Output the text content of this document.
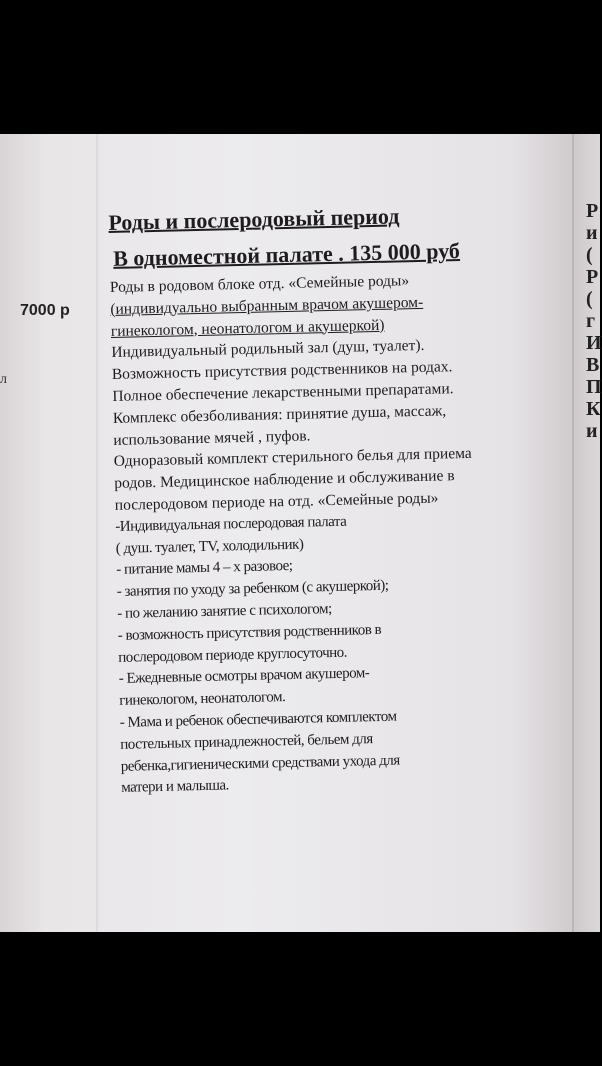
7000 р
л
Роды и послеродовый период
В одноместной палате . 135 000 руб
Роды в родовом блоке отд. «Семейные роды»
(индивидуально выбранным врачом акушером-
гинекологом, неонатологом и акушеркой)
Индивидуальный родильный зал (душ, туалет).
Возможность присутствия родственников на родах.
Полное обеспечение лекарственными препаратами.
Комплекс обезболивания: принятие душа, массаж,
использование мячей , пуфов.
Одноразовый комплект стерильного белья для приема
родов. Медицинское наблюдение и обслуживание в
послеродовом периоде на отд. «Семейные роды»
-Индивидуальная послеродовая палата
( душ. туалет, TV, холодильник)
- питание мамы 4 – х разовое;
- занятия по уходу за ребенком (с акушеркой);
- по желанию занятие с психологом;
- возможность присутствия родственников в
послеродовом периоде круглосуточно.
- Ежедневные осмотры врачом акушером-
гинекологом, неонатологом.
- Мама и ребенок обеспечиваются комплектом
постельных принадлежностей, бельем для
ребенка,гигиеническими средствами ухода для
матери и малыша.
Р
и
(
Р
(
г
И
В
П
К
и
